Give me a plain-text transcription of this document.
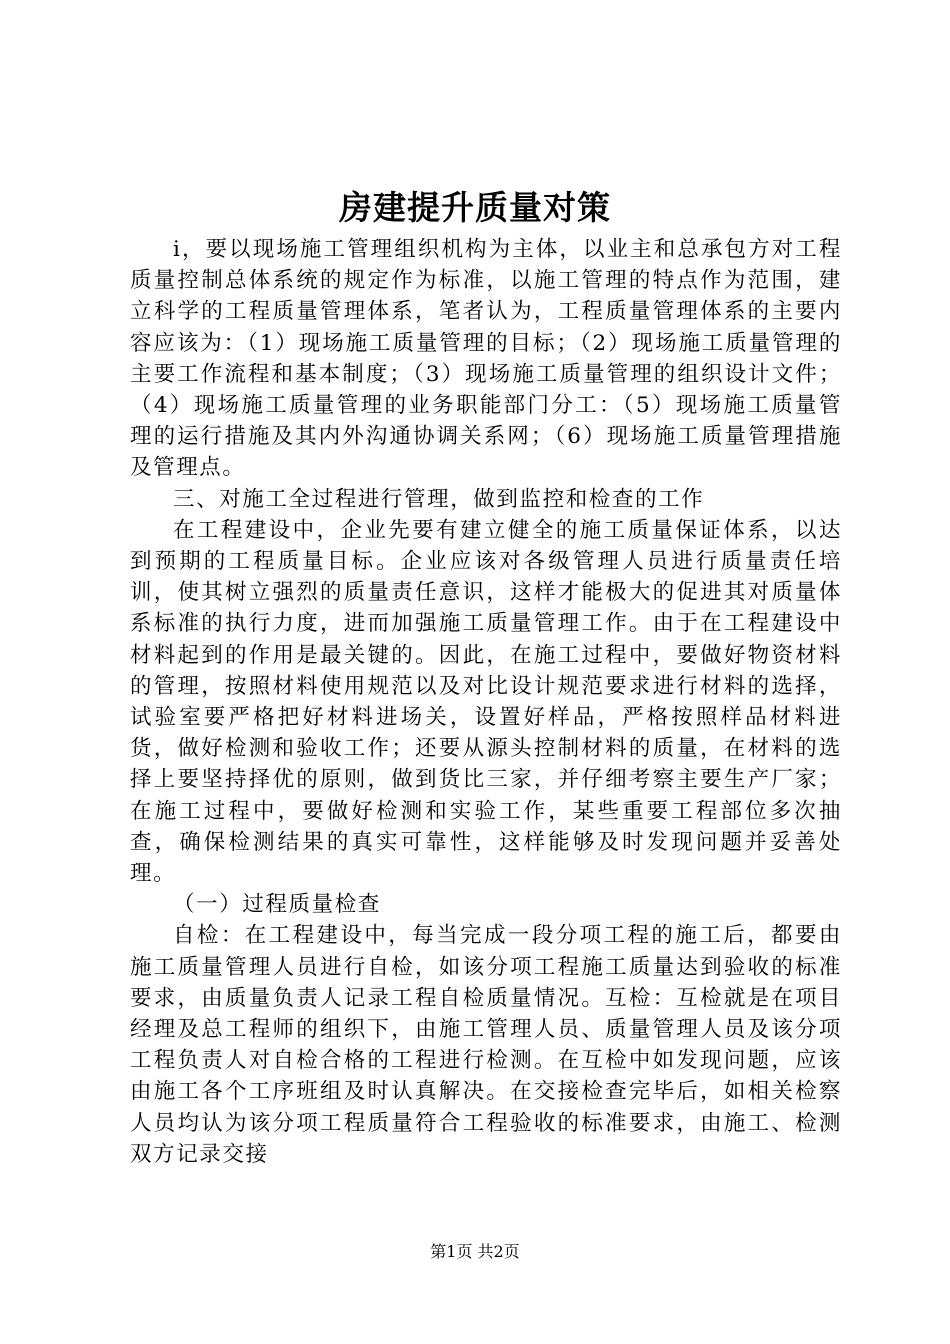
房建提升质量对策

i，要以现场施工管理组织机构为主体，以业主和总承包方对工程质量控制总体系统的规定作为标准，以施工管理的特点作为范围，建立科学的工程质量管理体系，笔者认为，工程质量管理体系的主要内容应该为：（1）现场施工质量管理的目标；（2）现场施工质量管理的主要工作流程和基本制度；（3）现场施工质量管理的组织设计文件；（4）现场施工质量管理的业务职能部门分工：（5）现场施工质量管理的运行措施及其内外沟通协调关系网；（6）现场施工质量管理措施及管理点。

三、对施工全过程进行管理，做到监控和检查的工作

在工程建设中，企业先要有建立健全的施工质量保证体系，以达到预期的工程质量目标。企业应该对各级管理人员进行质量责任培训，使其树立强烈的质量责任意识，这样才能极大的促进其对质量体系标准的执行力度，进而加强施工质量管理工作。由于在工程建设中材料起到的作用是最关键的。因此，在施工过程中，要做好物资材料的管理，按照材料使用规范以及对比设计规范要求进行材料的选择，试验室要严格把好材料进场关，设置好样品，严格按照样品材料进货，做好检测和验收工作；还要从源头控制材料的质量，在材料的选择上要坚持择优的原则，做到货比三家，并仔细考察主要生产厂家；在施工过程中，要做好检测和实验工作，某些重要工程部位多次抽查，确保检测结果的真实可靠性，这样能够及时发现问题并妥善处理。

（一）过程质量检查

自检：在工程建设中，每当完成一段分项工程的施工后，都要由施工质量管理人员进行自检，如该分项工程施工质量达到验收的标准要求，由质量负责人记录工程自检质量情况。互检：互检就是在项目经理及总工程师的组织下，由施工管理人员、质量管理人员及该分项工程负责人对自检合格的工程进行检测。在互检中如发现问题，应该由施工各个工序班组及时认真解决。在交接检查完毕后，如相关检察人员均认为该分项工程质量符合工程验收的标准要求，由施工、检测双方记录交接

第1页 共2页
